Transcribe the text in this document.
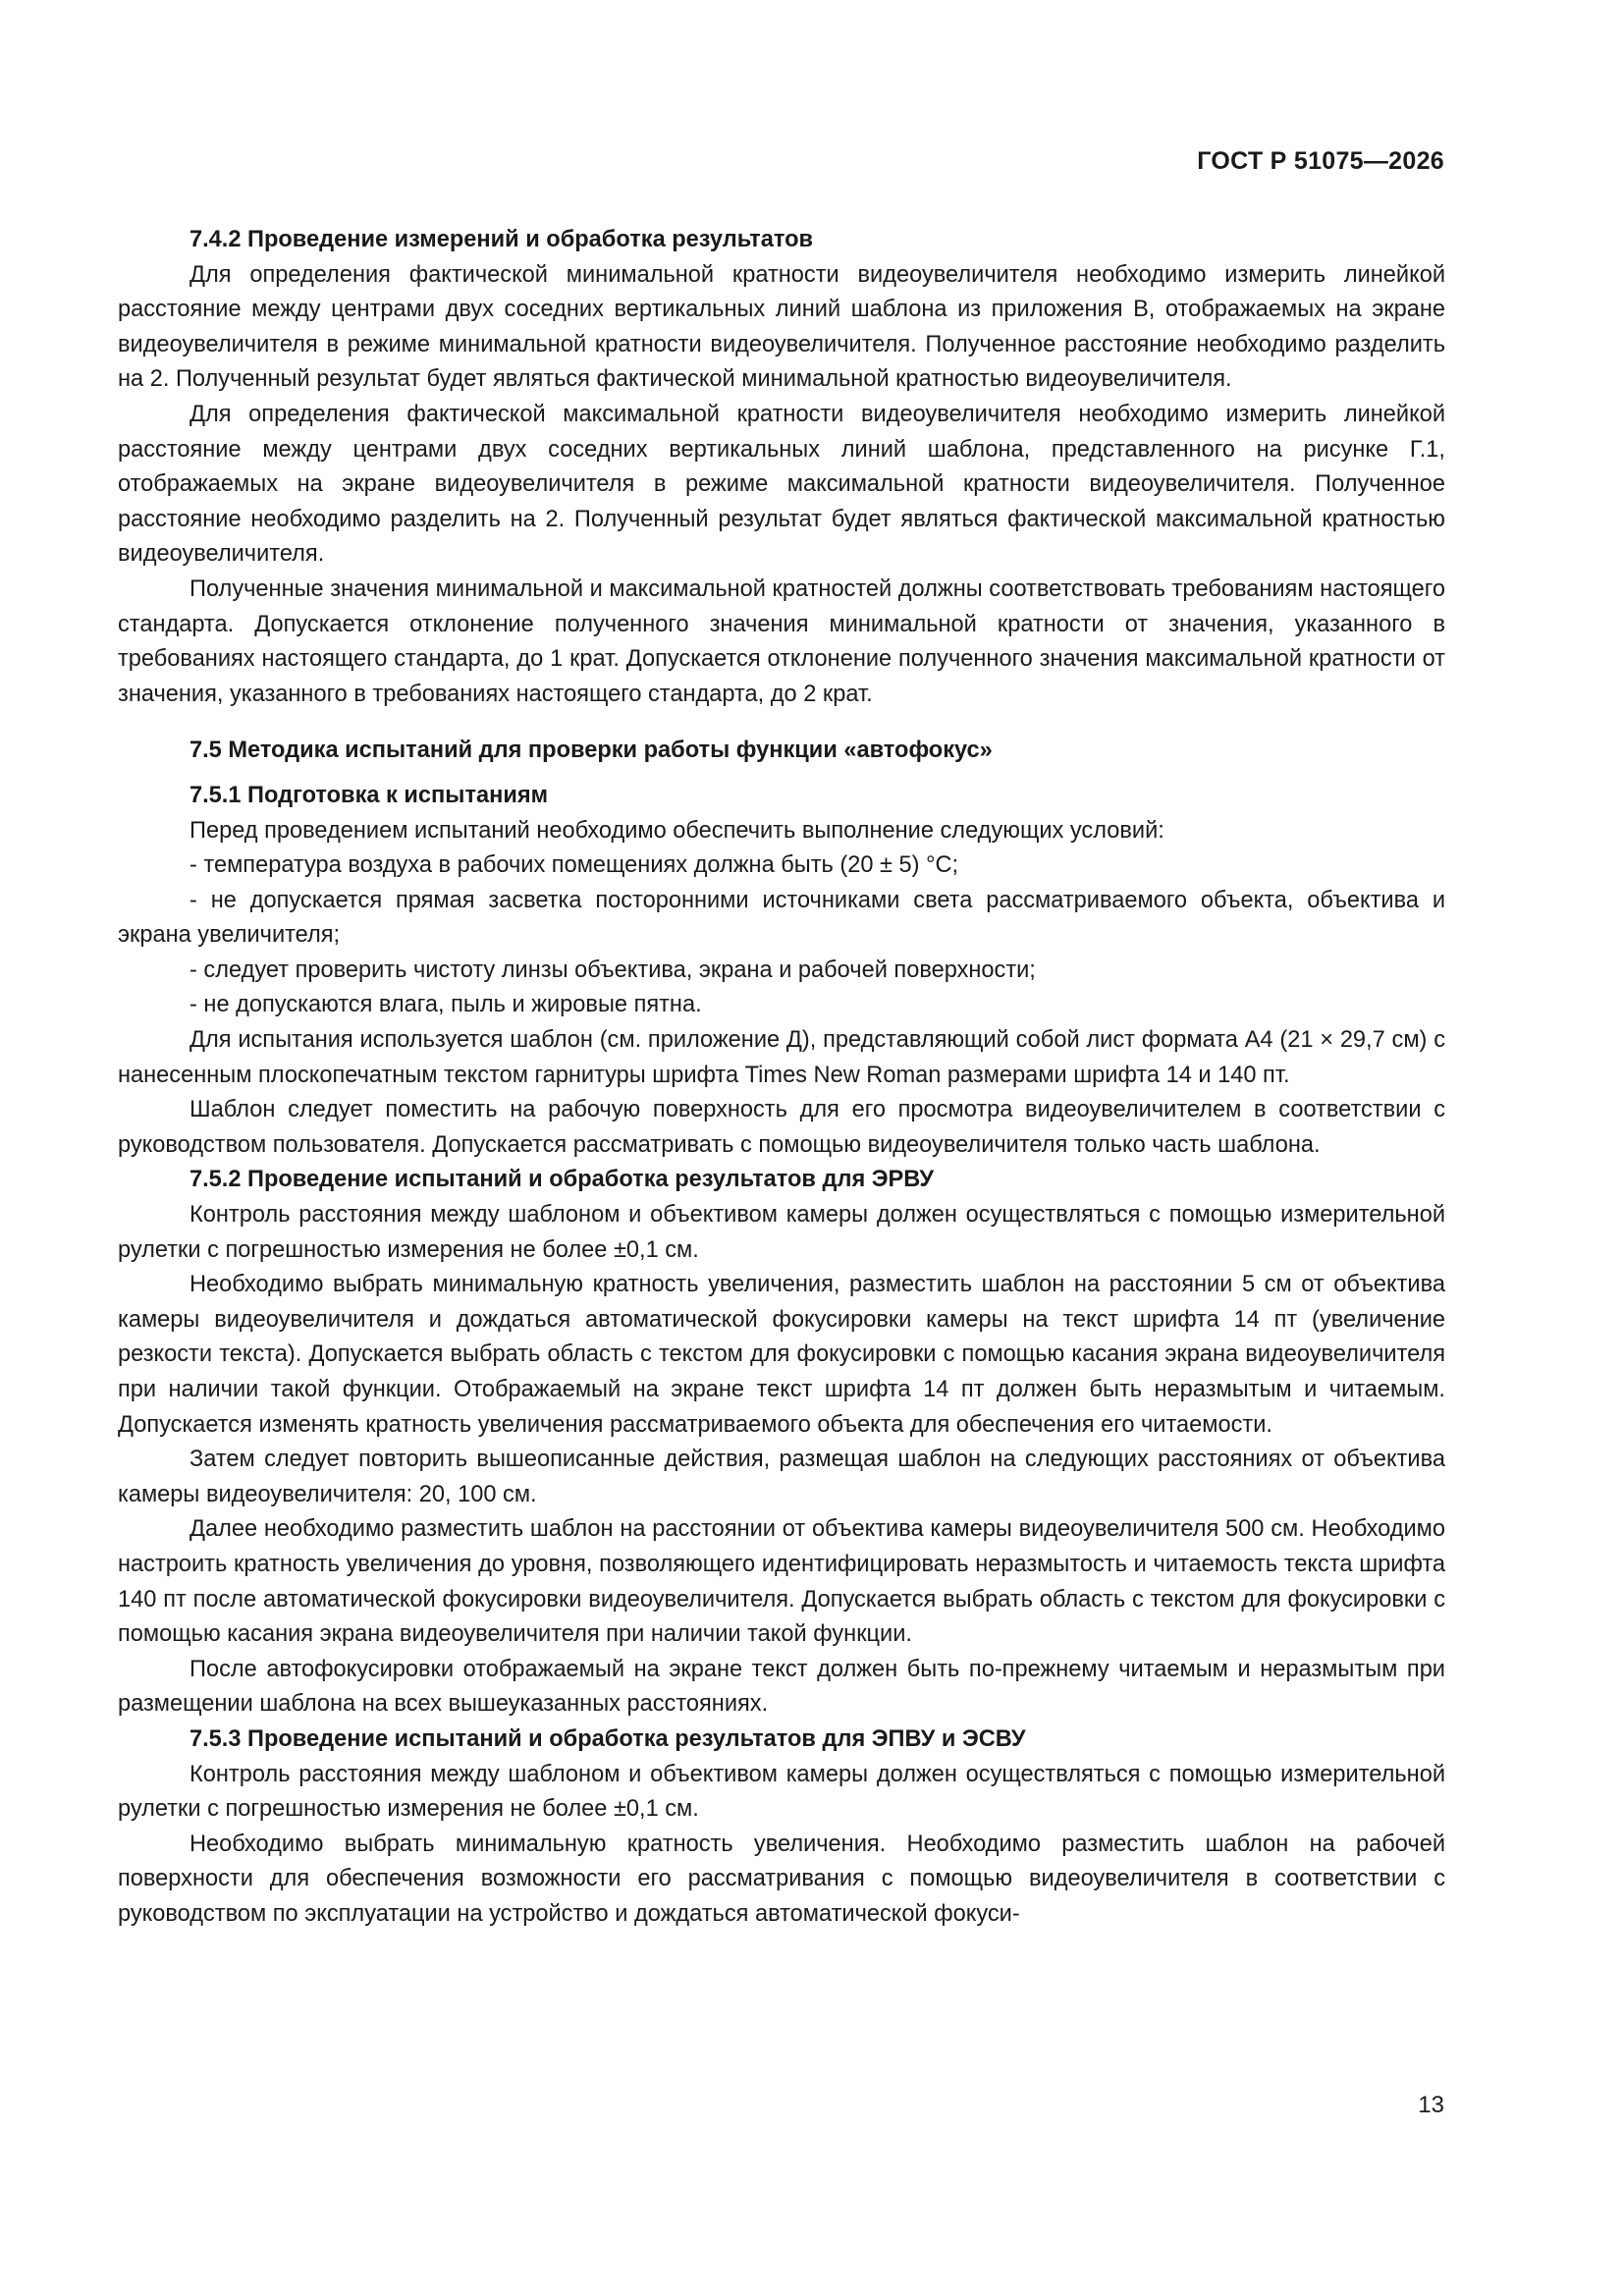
ГОСТ Р 51075—2026
7.4.2 Проведение измерений и обработка результатов

Для определения фактической минимальной кратности видеоувеличителя необходимо измерить линейкой расстояние между центрами двух соседних вертикальных линий шаблона из приложения В, отображаемых на экране видеоувеличителя в режиме минимальной кратности видеоувеличителя. Полученное расстояние необходимо разделить на 2. Полученный результат будет являться фактической минимальной кратностью видеоувеличителя.

Для определения фактической максимальной кратности видеоувеличителя необходимо измерить линейкой расстояние между центрами двух соседних вертикальных линий шаблона, представленного на рисунке Г.1, отображаемых на экране видеоувеличителя в режиме максимальной кратности видеоувеличителя. Полученное расстояние необходимо разделить на 2. Полученный результат будет являться фактической максимальной кратностью видеоувеличителя.

Полученные значения минимальной и максимальной кратностей должны соответствовать требованиям настоящего стандарта. Допускается отклонение полученного значения минимальной кратности от значения, указанного в требованиях настоящего стандарта, до 1 крат. Допускается отклонение полученного значения максимальной кратности от значения, указанного в требованиях настоящего стандарта, до 2 крат.

7.5 Методика испытаний для проверки работы функции «автофокус»
7.5.1 Подготовка к испытаниям

Перед проведением испытаний необходимо обеспечить выполнение следующих условий:

- температура воздуха в рабочих помещениях должна быть (20 ± 5) °C;

- не допускается прямая засветка посторонними источниками света рассматриваемого объекта, объектива и экрана увеличителя;

- следует проверить чистоту линзы объектива, экрана и рабочей поверхности;

- не допускаются влага, пыль и жировые пятна.

Для испытания используется шаблон (см. приложение Д), представляющий собой лист формата А4 (21 × 29,7 см) с нанесенным плоскопечатным текстом гарнитуры шрифта Times New Roman размерами шрифта 14 и 140 пт.

Шаблон следует поместить на рабочую поверхность для его просмотра видеоувеличителем в соответствии с руководством пользователя. Допускается рассматривать с помощью видеоувеличителя только часть шаблона.

7.5.2 Проведение испытаний и обработка результатов для ЭРВУ

Контроль расстояния между шаблоном и объективом камеры должен осуществляться с помощью измерительной рулетки с погрешностью измерения не более ±0,1 см.

Необходимо выбрать минимальную кратность увеличения, разместить шаблон на расстоянии 5 см от объектива камеры видеоувеличителя и дождаться автоматической фокусировки камеры на текст шрифта 14 пт (увеличение резкости текста). Допускается выбрать область с текстом для фокусировки с помощью касания экрана видеоувеличителя при наличии такой функции. Отображаемый на экране текст шрифта 14 пт должен быть неразмытым и читаемым. Допускается изменять кратность увеличения рассматриваемого объекта для обеспечения его читаемости.

Затем следует повторить вышеописанные действия, размещая шаблон на следующих расстояниях от объектива камеры видеоувеличителя: 20, 100 см.

Далее необходимо разместить шаблон на расстоянии от объектива камеры видеоувеличителя 500 см. Необходимо настроить кратность увеличения до уровня, позволяющего идентифицировать неразмытость и читаемость текста шрифта 140 пт после автоматической фокусировки видеоувеличителя. Допускается выбрать область с текстом для фокусировки с помощью касания экрана видеоувеличителя при наличии такой функции.

После автофокусировки отображаемый на экране текст должен быть по-прежнему читаемым и неразмытым при размещении шаблона на всех вышеуказанных расстояниях.

7.5.3 Проведение испытаний и обработка результатов для ЭПВУ и ЭСВУ

Контроль расстояния между шаблоном и объективом камеры должен осуществляться с помощью измерительной рулетки с погрешностью измерения не более ±0,1 см.

Необходимо выбрать минимальную кратность увеличения. Необходимо разместить шаблон на рабочей поверхности для обеспечения возможности его рассматривания с помощью видеоувеличителя в соответствии с руководством по эксплуатации на устройство и дождаться автоматической фокуси-

13
